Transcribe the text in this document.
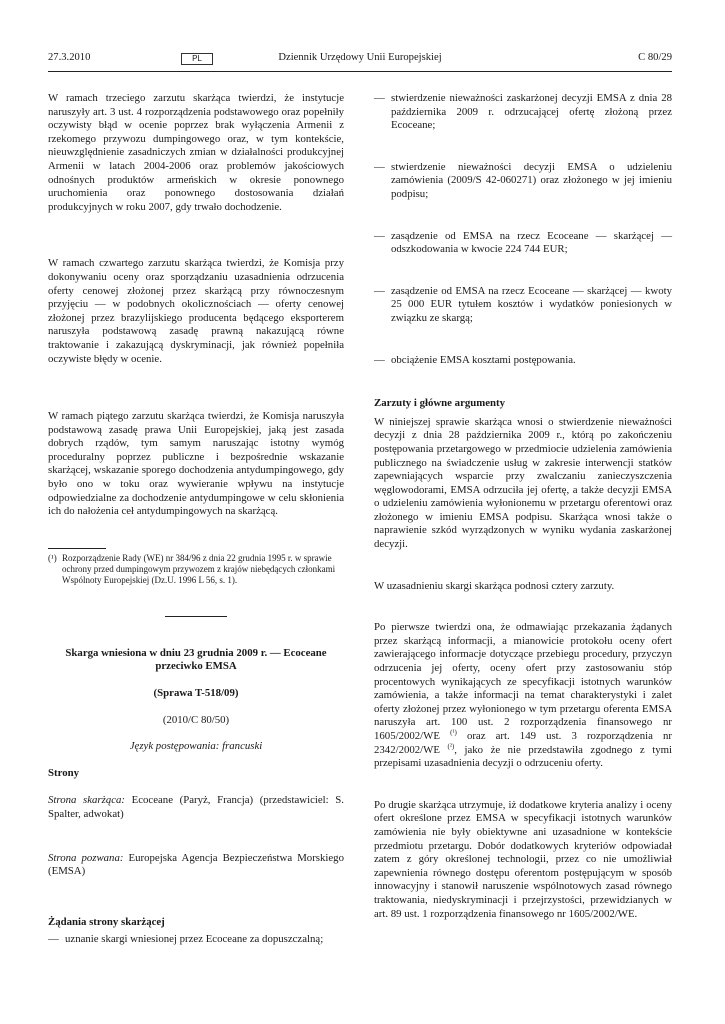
27.3.2010	Dziennik Urzędowy Unii Europejskiej
PL	C 80/29

W ramach trzeciego zarzutu skarżąca twierdzi, że instytucje naruszyły art. 3 ust. 4 rozporządzenia podstawowego oraz popełniły oczywisty błąd w ocenie poprzez brak wyłączenia Armenii z rzekomego przywozu dumpingowego oraz, w tym kontekście, nieuwzględnienie zasadniczych zmian w działalności produkcyjnej Armenii w latach 2004-2006 oraz problemów jakościowych odnośnych produktów armeńskich w okresie ponownego uruchomienia oraz ponownego dostosowania działań produkcyjnych w roku 2007, gdy trwało dochodzenie.

W ramach czwartego zarzutu skarżąca twierdzi, że Komisja przy dokonywaniu oceny oraz sporządzaniu uzasadnienia odrzucenia oferty cenowej złożonej przez skarżącą przy równoczesnym przyjęciu — w podobnych okolicznościach — oferty cenowej złożonej przez brazylijskiego producenta będącego eksporterem naruszyła podstawową zasadę prawną nakazującą równe traktowanie i zakazującą dyskryminacji, jak również popełniła oczywiste błędy w ocenie.

W ramach piątego zarzutu skarżąca twierdzi, że Komisja naruszyła podstawową zasadę prawa Unii Europejskiej, jaką jest zasada dobrych rządów, tym samym naruszając istotny wymóg proceduralny poprzez publiczne i bezpośrednie wskazanie skarżącej, wskazanie sporego dochodzenia antydumpingowego, gdy było ono w toku oraz wywieranie wpływu na instytucje odpowiedzialne za dochodzenie antydumpingowe w celu skłonienia ich do nałożenia ceł antydumpingowych na skarżącą.

(¹) Rozporządzenie Rady (WE) nr 384/96 z dnia 22 grudnia 1995 r. w sprawie ochrony przed dumpingowym przywozem z krajów niebędących członkami Wspólnoty Europejskiej (Dz.U. 1996 L 56, s. 1).

Skarga wniesiona w dniu 23 grudnia 2009 r. — Ecoceane przeciwko EMSA

(Sprawa T-518/09)

(2010/C 80/50)

Język postępowania: francuski

Strony

Strona skarżąca: Ecoceane (Paryż, Francja) (przedstawiciel: S. Spalter, adwokat)

Strona pozwana: Europejska Agencja Bezpieczeństwa Morskiego (EMSA)

Żądania strony skarżącej

— uznanie skargi wniesionej przez Ecoceane za dopuszczalną;
— stwierdzenie nieważności zaskarżonej decyzji EMSA z dnia 28 października 2009 r. odrzucającej ofertę złożoną przez Ecoceane;
— stwierdzenie nieważności decyzji EMSA o udzieleniu zamówienia (2009/S 42-060271) oraz złożonego w jej imieniu podpisu;
— zasądzenie od EMSA na rzecz Ecoceane — skarżącej — odszkodowania w kwocie 224 744 EUR;
— zasądzenie od EMSA na rzecz Ecoceane — skarżącej — kwoty 25 000 EUR tytułem kosztów i wydatków poniesionych w związku ze skargą;
— obciążenie EMSA kosztami postępowania.

Zarzuty i główne argumenty

W niniejszej sprawie skarżąca wnosi o stwierdzenie nieważności decyzji z dnia 28 października 2009 r., którą po zakończeniu postępowania przetargowego w przedmiocie udzielenia zamówienia publicznego na świadczenie usług w zakresie interwencji statków zapewniających wsparcie przy zwalczaniu zanieczyszczenia węglowodorami, EMSA odrzuciła jej ofertę, a także decyzji EMSA o udzieleniu zamówienia wyłonionemu w przetargu oferentowi oraz złożonego w imieniu EMSA podpisu. Skarżąca wnosi także o naprawienie szkód wyrządzonych w wyniku wydania zaskarżonej decyzji.

W uzasadnieniu skargi skarżąca podnosi cztery zarzuty.

Po pierwsze twierdzi ona, że odmawiając przekazania żądanych przez skarżącą informacji, a mianowicie protokołu oceny ofert zawierającego informacje dotyczące przebiegu procedury, przyczyn odrzucenia jej oferty, oceny ofert przy zastosowaniu stóp procentowych wynikających ze specyfikacji istotnych warunków zamówienia, a także informacji na temat charakterystyki i zalet oferty złożonej przez wyłonionego w tym przetargu oferenta EMSA naruszyła art. 100 ust. 2 rozporządzenia finansowego nr 1605/2002/WE $^{(^1)}$ oraz art. 149 ust. 3 rozporządzenia nr 2342/2002/WE $^{(^2)}$, jako że nie przedstawiła zgodnego z tymi przepisami uzasadnienia decyzji o odrzuceniu oferty.

Po drugie skarżąca utrzymuje, iż dodatkowe kryteria analizy i oceny ofert określone przez EMSA w specyfikacji istotnych warunków zamówienia nie były obiektywne ani uzasadnione w kontekście przedmiotu przetargu. Dobór dodatkowych kryteriów odpowiadał zatem z góry określonej technologii, przez co nie umożliwiał zapewnienia równego dostępu oferentom postępującym w sposób innowacyjny i stanowił naruszenie wspólnotowych zasad równego traktowania, niedyskryminacji i przejrzystości, przewidzianych w art. 89 ust. 1 rozporządzenia finansowego nr 1605/2002/WE.
